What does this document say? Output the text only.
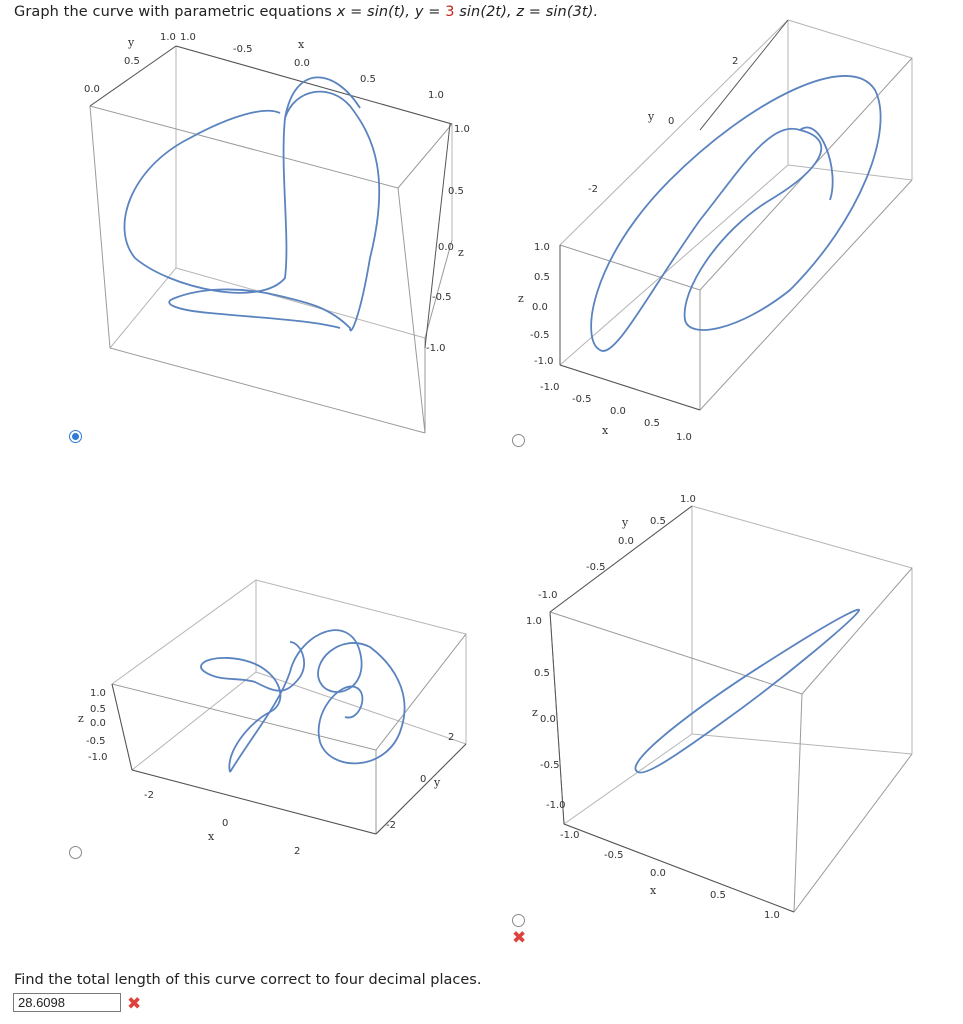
Graph the curve with parametric equations x = sin(t), y = 3 sin(2t), z = sin(3t).
y
0.5
0.0
1.0 1.0
x
-0.5
0.0
0.5
1.0
1.0
0.5
0.0 z
-0.5
-1.0
1.0
0.5
z
0.0
-0.5
-1.0
-1.0
-0.5
0.0
x
0.5
1.0
-2
y 0
2
1.0
0.5
z 0.0
-0.5
-1.0
-2
0
x
2
-2
0 y
2
1.0
0.5
y
0.0
-0.5
-1.0
1.0
0.5
z
0.0
-0.5
-1.0
-1.0
-0.5
0.0
x	0.5
1.0
✖
Find the total length of this curve correct to four decimal places.
28.6098	✖
